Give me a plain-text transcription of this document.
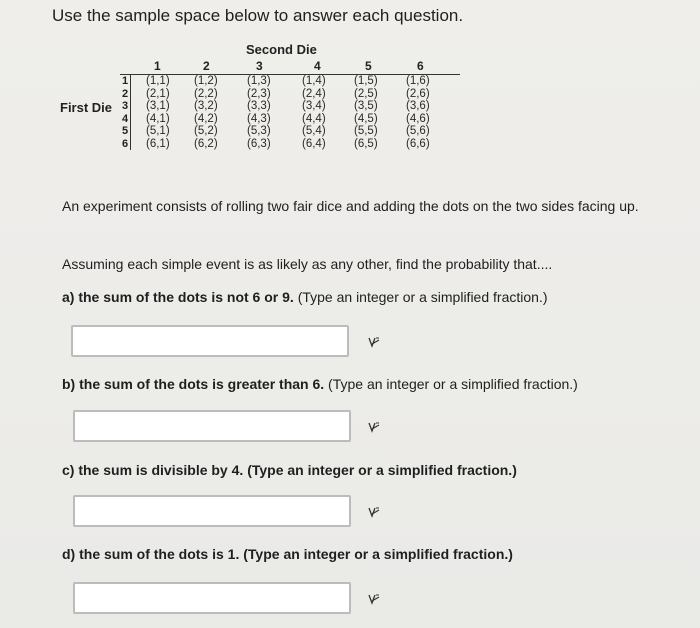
Use the sample space below to answer each question.
Second Die
First Die
1	2	3	4	5	6
1 (1,1) (1,2)	(1,3)	(1,4) (1,5) (1,6)
2 (2,1) (2,2)	(2,3)	(2,4) (2,5) (2,6)
3 (3,1) (3,2)	(3,3)	(3,4) (3,5) (3,6)
4 (4,1) (4,2)	(4,3)	(4,4) (4,5) (4,6)
5 (5,1) (5,2)	(5,3)	(5,4) (5,5) (5,6)
6 (6,1) (6,2)	(6,3)	(6,4) (6,5) (6,6)
An experiment consists of rolling two fair dice and adding the dots on the two sides facing up.
Assuming each simple event is as likely as any other, find the probability that....
a) the sum of the dots is not 6 or 9. (Type an integer or a simplified fraction.)
b) the sum of the dots is greater than 6. (Type an integer or a simplified fraction.)
c) the sum is divisible by 4. (Type an integer or a simplified fraction.)
d) the sum of the dots is 1. (Type an integer or a simplified fraction.)
